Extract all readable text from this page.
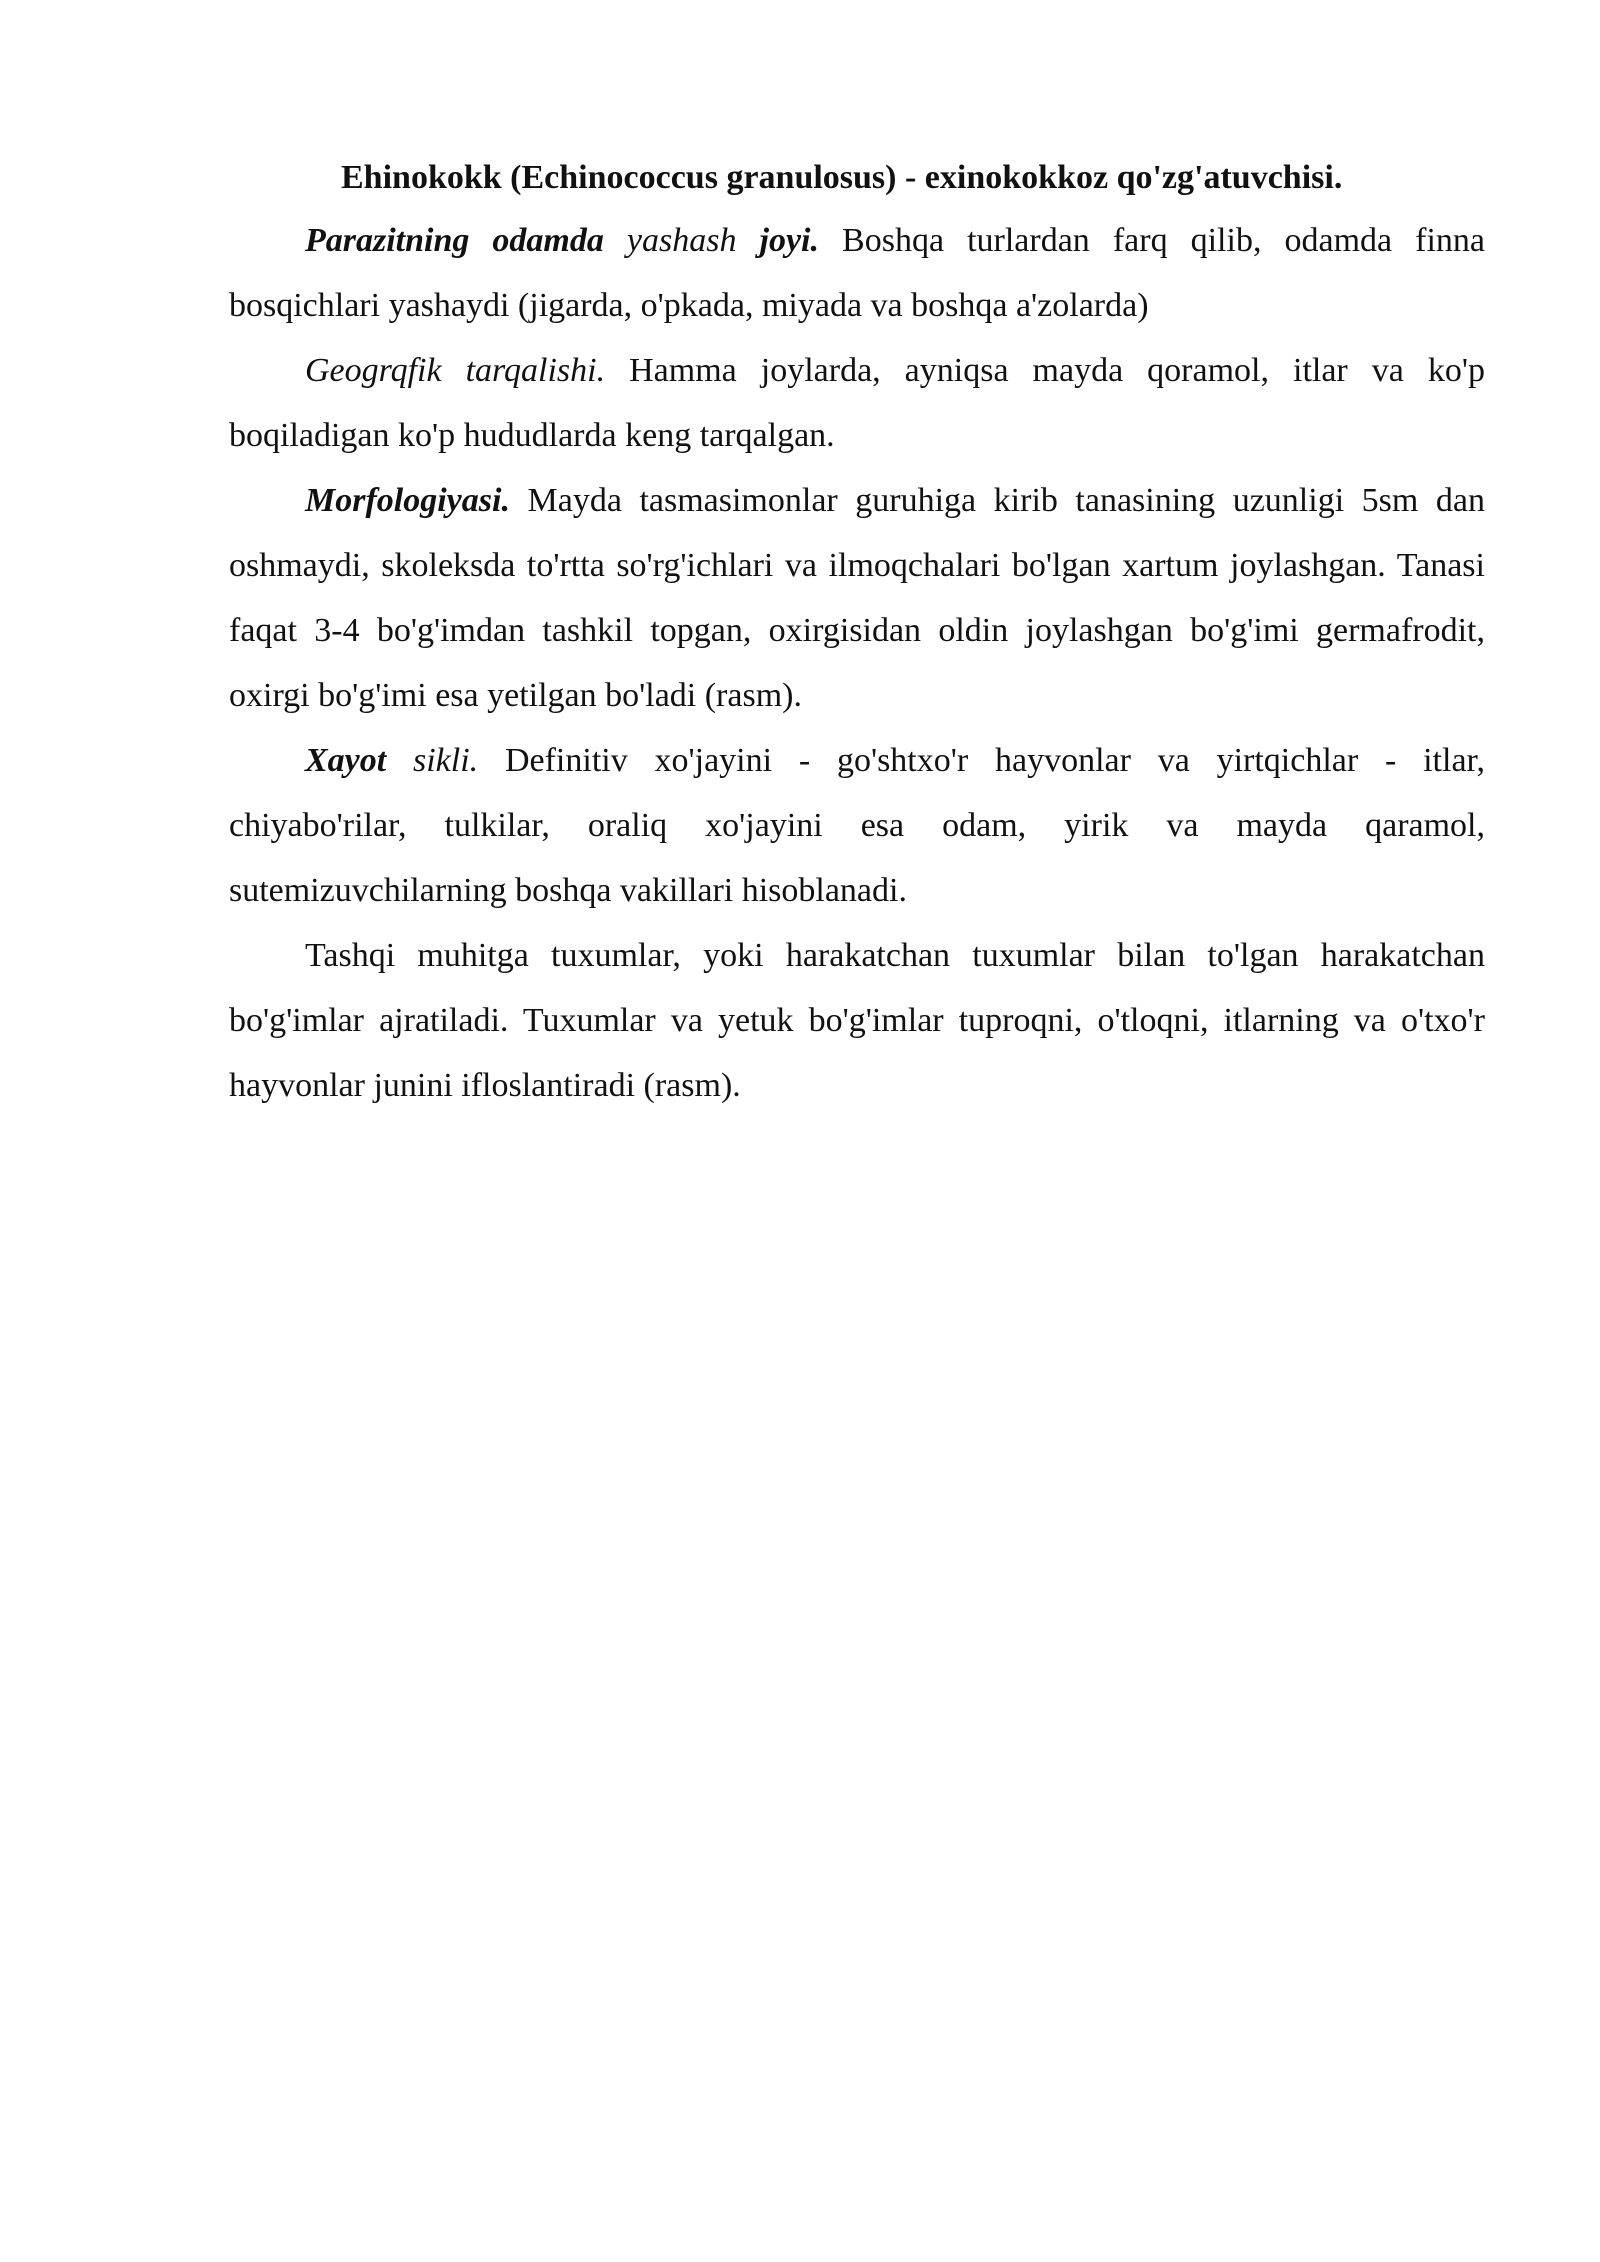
Ehinokokk (Echinococcus granulosus) - exinokokkoz qo'zg'atuvchisi.

Parazitning odamda yashash joyi. Boshqa turlardan farq qilib, odamda finna bosqichlari yashaydi (jigarda, o'pkada, miyada va boshqa a'zolarda)

Geogrqfik tarqalishi. Hamma joylarda, ayniqsa mayda qoramol, itlar va ko'p boqiladigan ko'p hududlarda keng tarqalgan.

Morfologiyasi. Mayda tasmasimonlar guruhiga kirib tanasining uzunligi 5sm dan oshmaydi, skoleksda to'rtta so'rg'ichlari va ilmoqchalari bo'lgan xartum joylashgan. Tanasi faqat 3-4 bo'g'imdan tashkil topgan, oxirgisidan oldin joylashgan bo'g'imi germafrodit, oxirgi bo'g'imi esa yetilgan bo'ladi (rasm).

Xayot sikli. Definitiv xo'jayini - go'shtxo'r hayvonlar va yirtqichlar - itlar, chiyabo'rilar, tulkilar, oraliq xo'jayini esa odam, yirik va mayda qaramol, sutemizuvchilarning boshqa vakillari hisoblanadi.

Tashqi muhitga tuxumlar, yoki harakatchan tuxumlar bilan to'lgan harakatchan bo'g'imlar ajratiladi. Tuxumlar va yetuk bo'g'imlar tuproqni, o'tloqni, itlarning va o'txo'r hayvonlar junini ifloslantiradi (rasm).
